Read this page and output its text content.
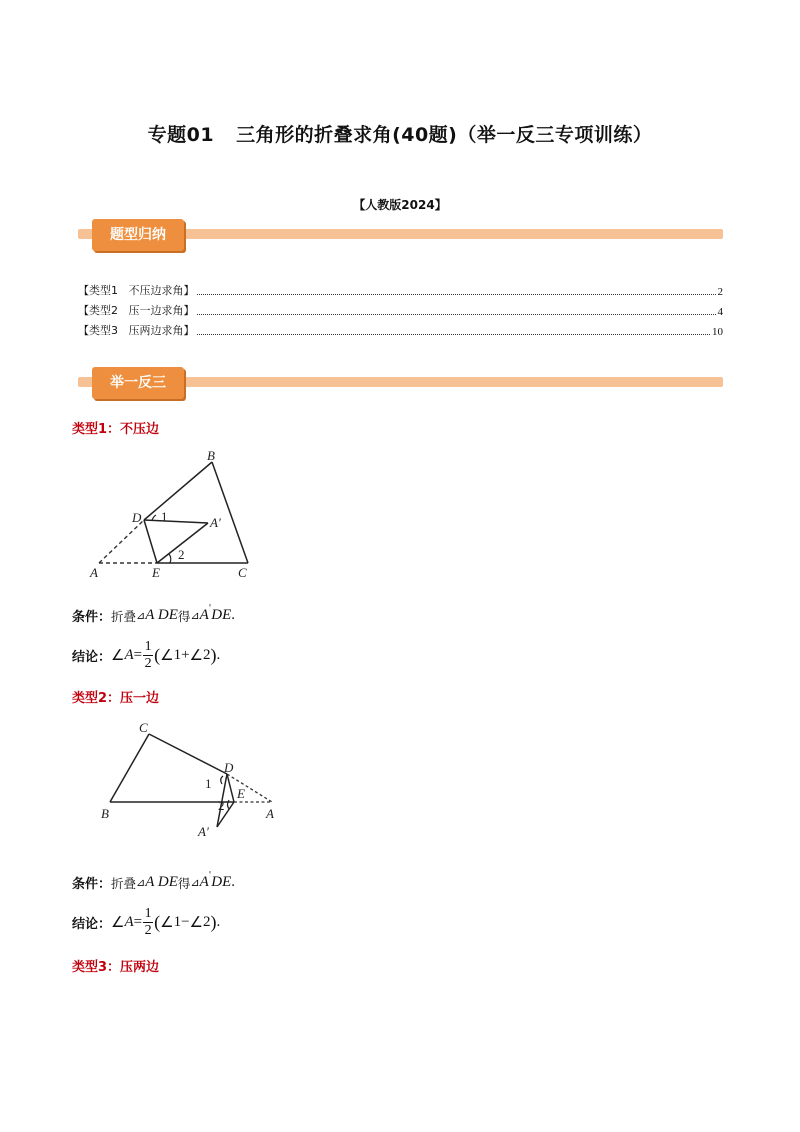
专题01 三角形的折叠求角(40题)（举一反三专项训练）
【人教版2024】
题型归纳
【类型1   不压边求角】	2
【类型2   压一边求角】	4
【类型3   压两边求角】	10
举一反三
类型1：不压边
B
D 1	A′
2
A	E	C
条件： 折叠 ⊿ A DE 得 ⊿ A ' DE .
结论： ∠ $A = \frac{1}{2}$ ( ∠ 1 + ∠ 2 ) .
类型2：压一边
C
D
1
E
2
B	A
A′
条件： 折叠 ⊿ A DE 得 ⊿ A ' DE .
结论： ∠ $A = \frac{1}{2}$ ( ∠ 1 − ∠ 2 ) .
类型3：压两边
